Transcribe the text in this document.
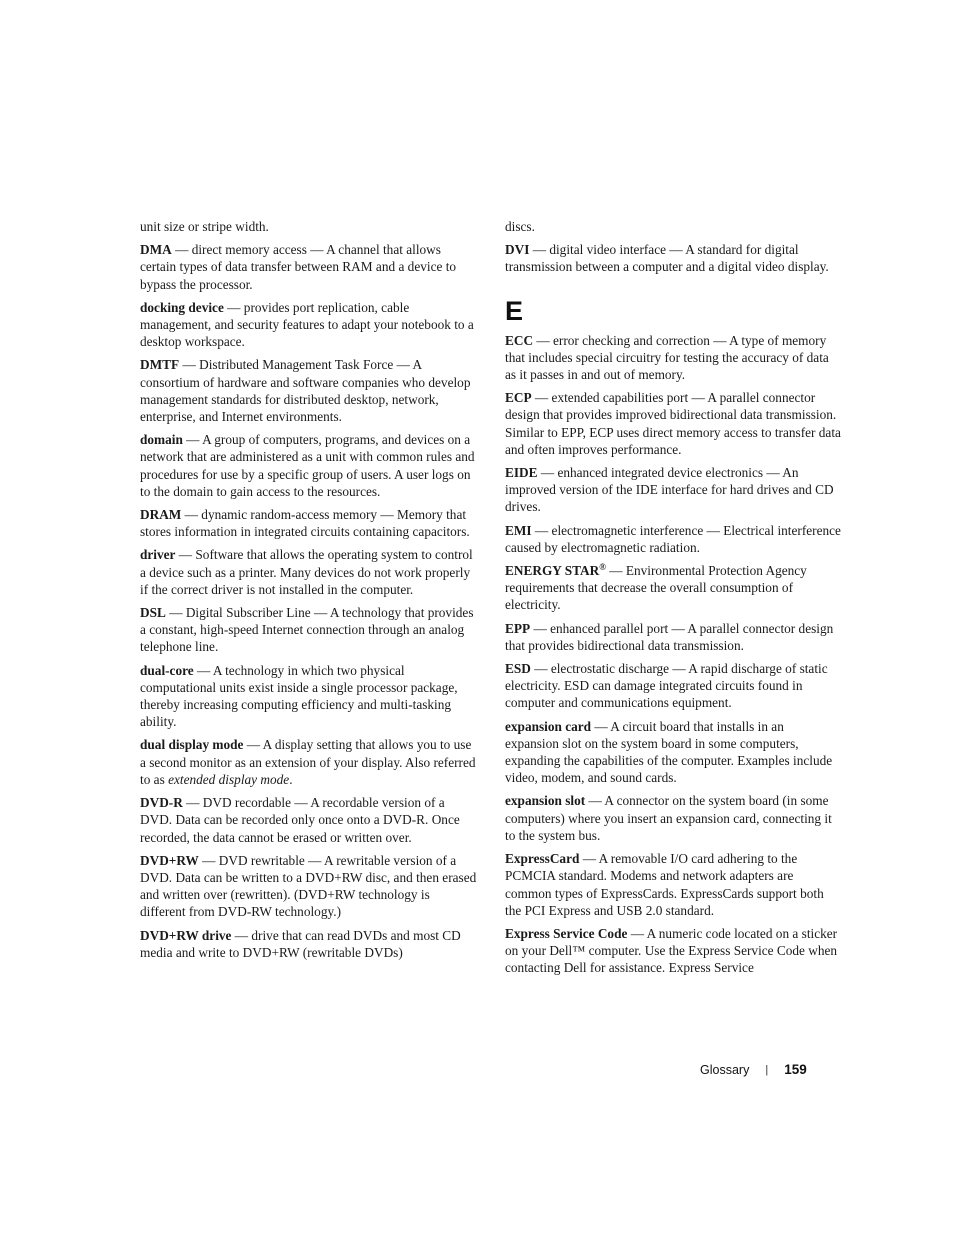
unit size or stripe width.

DMA — direct memory access — A channel that allows certain types of data transfer between RAM and a device to bypass the processor.

docking device — provides port replication, cable management, and security features to adapt your notebook to a desktop workspace.

DMTF — Distributed Management Task Force — A consortium of hardware and software companies who develop management standards for distributed desktop, network, enterprise, and Internet environments.

domain — A group of computers, programs, and devices on a network that are administered as a unit with common rules and procedures for use by a specific group of users. A user logs on to the domain to gain access to the resources.

DRAM — dynamic random-access memory — Memory that stores information in integrated circuits containing capacitors.

driver — Software that allows the operating system to control a device such as a printer. Many devices do not work properly if the correct driver is not installed in the computer.

DSL — Digital Subscriber Line — A technology that provides a constant, high-speed Internet connection through an analog telephone line.

dual-core — A technology in which two physical computational units exist inside a single processor package, thereby increasing computing efficiency and multi-tasking ability.

dual display mode — A display setting that allows you to use a second monitor as an extension of your display. Also referred to as extended display mode.

DVD-R — DVD recordable — A recordable version of a DVD. Data can be recorded only once onto a DVD-R. Once recorded, the data cannot be erased or written over.

DVD+RW — DVD rewritable — A rewritable version of a DVD. Data can be written to a DVD+RW disc, and then erased and written over (rewritten). (DVD+RW technology is different from DVD-RW technology.)

DVD+RW drive — drive that can read DVDs and most CD media and write to DVD+RW (rewritable DVDs)

discs.

DVI — digital video interface — A standard for digital transmission between a computer and a digital video display.

E

ECC — error checking and correction — A type of memory that includes special circuitry for testing the accuracy of data as it passes in and out of memory.

ECP — extended capabilities port — A parallel connector design that provides improved bidirectional data transmission. Similar to EPP, ECP uses direct memory access to transfer data and often improves performance.

EIDE — enhanced integrated device electronics — An improved version of the IDE interface for hard drives and CD drives.

EMI — electromagnetic interference — Electrical interference caused by electromagnetic radiation.

ENERGY STAR® — Environmental Protection Agency requirements that decrease the overall consumption of electricity.

EPP — enhanced parallel port — A parallel connector design that provides bidirectional data transmission.

ESD — electrostatic discharge — A rapid discharge of static electricity. ESD can damage integrated circuits found in computer and communications equipment.

expansion card — A circuit board that installs in an expansion slot on the system board in some computers, expanding the capabilities of the computer. Examples include video, modem, and sound cards.

expansion slot — A connector on the system board (in some computers) where you insert an expansion card, connecting it to the system bus.

ExpressCard — A removable I/O card adhering to the PCMCIA standard. Modems and network adapters are common types of ExpressCards. ExpressCards support both the PCI Express and USB 2.0 standard.

Express Service Code — A numeric code located on a sticker on your Dell™ computer. Use the Express Service Code when contacting Dell for assistance. Express Service

Glossary | 159
